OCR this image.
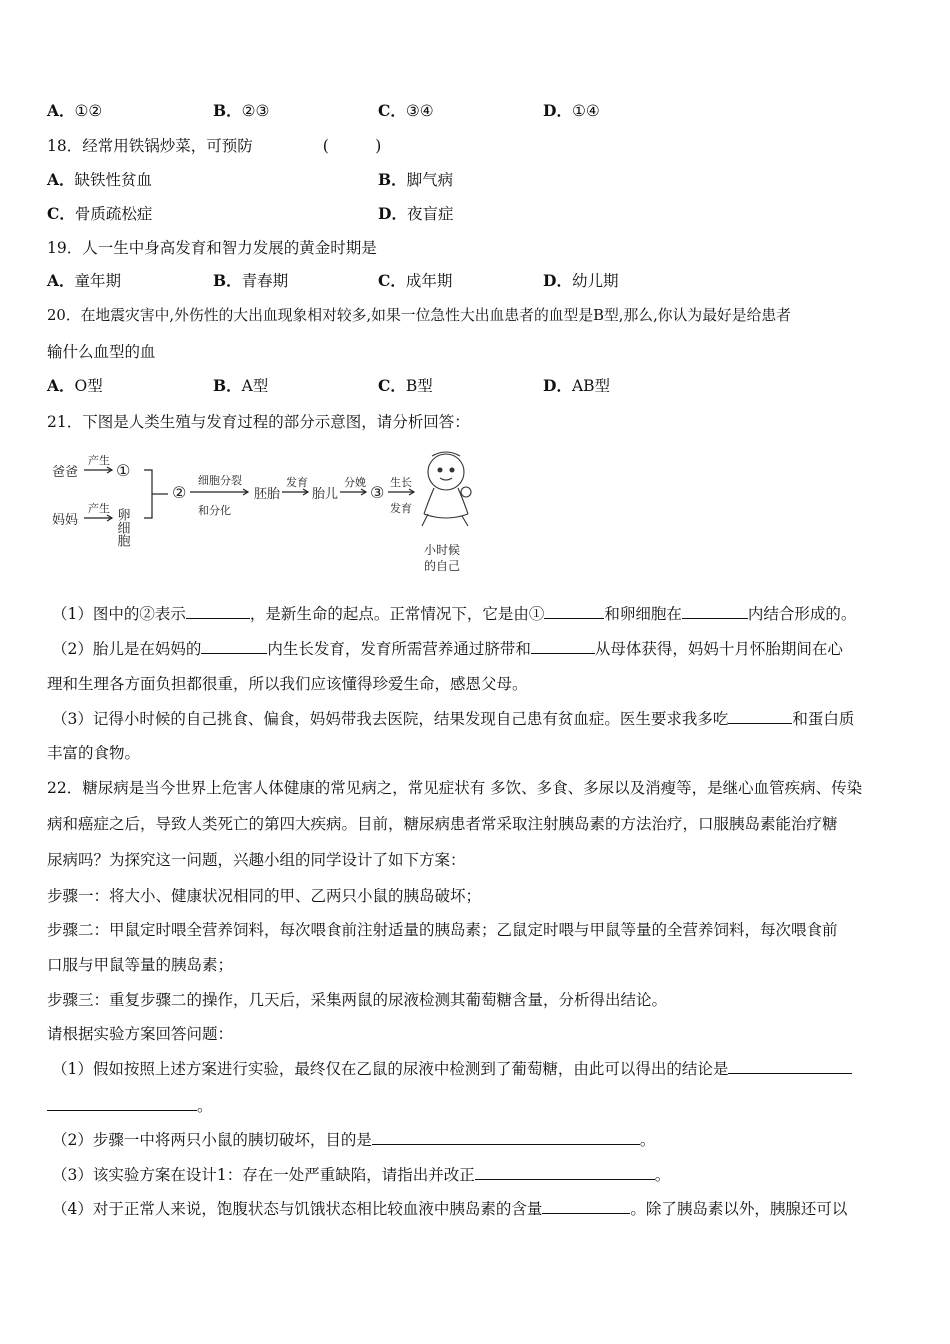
A．①②	B．②③	C．③④	D．①④
18．经常用铁锅炒菜，可预防	(　　　)
A．缺铁性贫血	B．脚气病
C．骨质疏松症	D．夜盲症
19．人一生中身高发育和智力发展的黄金时期是
A．童年期	B．青春期	C．成年期	D．幼儿期
20．在地震灾害中,外伤性的大出血现象相对较多,如果一位急性大出血患者的血型是B型,那么,你认为最好是给患者
输什么血型的血
A．O型	B．A型	C．B型	D．AB型
21．下图是人类生殖与发育过程的部分示意图，请分析回答：
爸爸
产生
①
妈妈
产生 卵细胞
②
细胞分裂
和分化
胚胎
发育
胎儿
分娩
③
生长
发育
小时候
的自己
（1）图中的②表示	，是新生命的起点。正常情况下，它是由①	和卵细胞在	内结合形成的。
（2）胎儿是在妈妈的	内生长发育，发育所需营养通过脐带和	从母体获得，妈妈十月怀胎期间在心
理和生理各方面负担都很重，所以我们应该懂得珍爱生命，感恩父母。
（3）记得小时候的自己挑食、偏食，妈妈带我去医院，结果发现自己患有贫血症。医生要求我多吃	和蛋白质
丰富的食物。
22．糖尿病是当今世界上危害人体健康的常见病之，常见症状有 多饮、多食、多尿以及消瘦等，是继心血管疾病、传染
病和癌症之后，导致人类死亡的第四大疾病。目前，糖尿病患者常采取注射胰岛素的方法治疗，口服胰岛素能治疗糖
尿病吗？为探究这一问题，兴趣小组的同学设计了如下方案：
步骤一：将大小、健康状况相同的甲、乙两只小鼠的胰岛破坏；
步骤二：甲鼠定时喂全营养饲料，每次喂食前注射适量的胰岛素；乙鼠定时喂与甲鼠等量的全营养饲料，每次喂食前
口服与甲鼠等量的胰岛素；
步骤三：重复步骤二的操作，几天后，采集两鼠的尿液检测其葡萄糖含量，分析得出结论。
请根据实验方案回答问题：
（1）假如按照上述方案进行实验，最终仅在乙鼠的尿液中检测到了葡萄糖，由此可以得出的结论是
。
（2）步骤一中将两只小鼠的胰切破坏，目的是	。
（3）该实验方案在设计1：存在一处严重缺陷，请指出并改正	。
（4）对于正常人来说，饱腹状态与饥饿状态相比较血液中胰岛素的含量	。除了胰岛素以外，胰腺还可以
